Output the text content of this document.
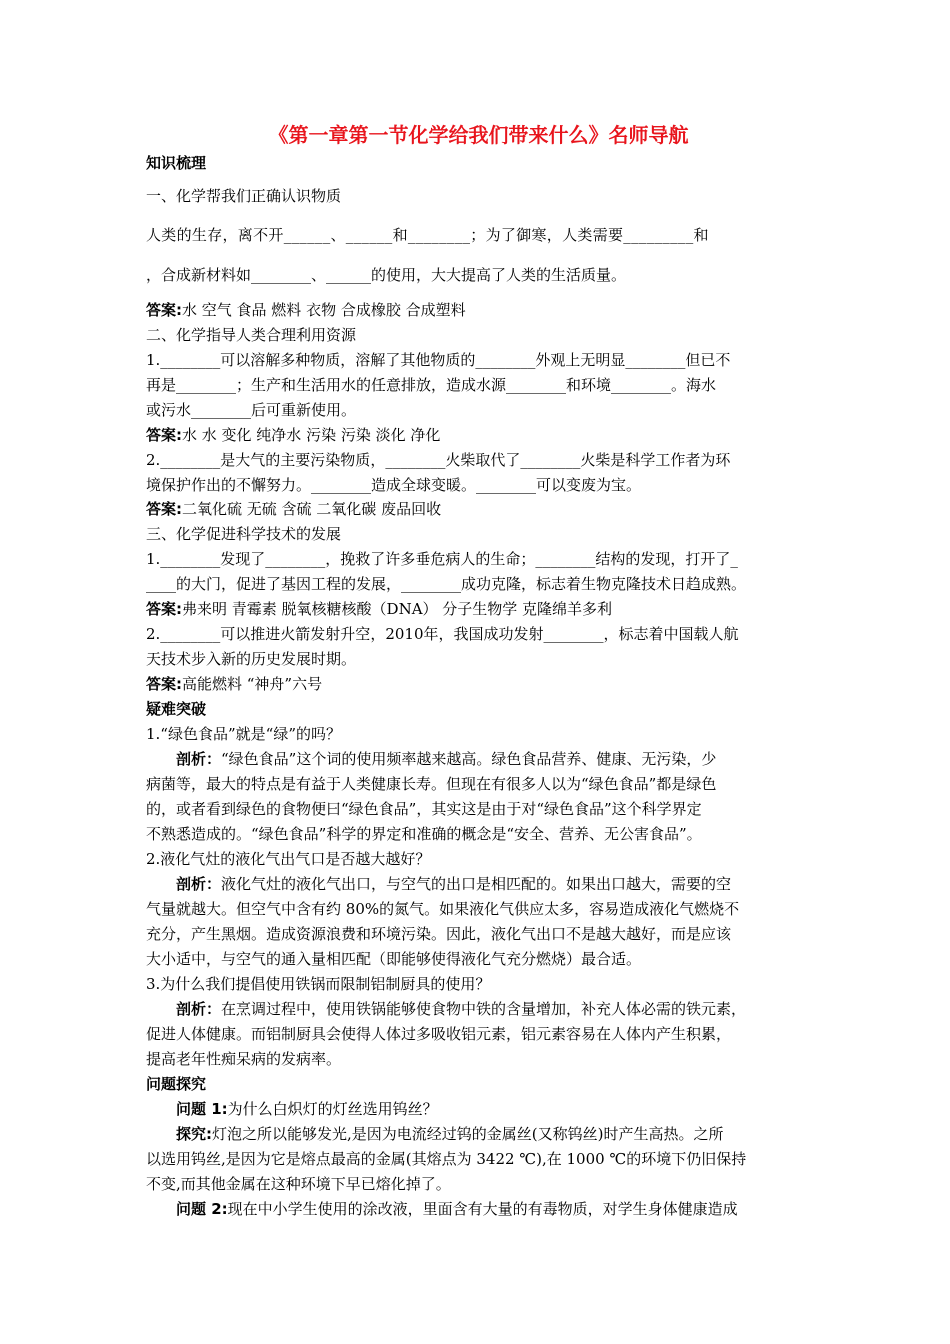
《第一章第一节化学给我们带来什么》名师导航
知识梳理
一、化学帮我们正确认识物质
人类的生存，离不开______、______和________；为了御寒，人类需要_________和
，合成新材料如________、______的使用，大大提高了人类的生活质量。
答案:水 空气 食品 燃料 衣物 合成橡胶 合成塑料
二、化学指导人类合理利用资源
1.________可以溶解多种物质，溶解了其他物质的________外观上无明显________但已不
再是________；生产和生活用水的任意排放，造成水源________和环境________。海水
或污水________后可重新使用。
答案:水 水 变化 纯净水 污染 污染 淡化 净化
2.________是大气的主要污染物质，________火柴取代了________火柴是科学工作者为环
境保护作出的不懈努力。________造成全球变暖。________可以变废为宝。
答案:二氧化硫 无硫 含硫 二氧化碳 废品回收
三、化学促进科学技术的发展
1.________发现了________，挽救了许多垂危病人的生命；________结构的发现，打开了_
____的大门，促进了基因工程的发展，________成功克隆，标志着生物克隆技术日趋成熟。
答案:弗来明 青霉素 脱氧核糖核酸（DNA） 分子生物学 克隆绵羊多利
2.________可以推进火箭发射升空，2010年，我国成功发射________，标志着中国载人航
天技术步入新的历史发展时期。
答案:高能燃料 “神舟”六号
疑难突破
1.“绿色食品”就是“绿”的吗？
剖析：“绿色食品”这个词的使用频率越来越高。绿色食品营养、健康、无污染，少
病菌等，最大的特点是有益于人类健康长寿。但现在有很多人以为“绿色食品”都是绿色
的，或者看到绿色的食物便曰“绿色食品”，其实这是由于对“绿色食品”这个科学界定
不熟悉造成的。“绿色食品”科学的界定和准确的概念是“安全、营养、无公害食品”。
2.液化气灶的液化气出气口是否越大越好？
剖析：液化气灶的液化气出口，与空气的出口是相匹配的。如果出口越大，需要的空
气量就越大。但空气中含有约 80%的氮气。如果液化气供应太多，容易造成液化气燃烧不
充分，产生黑烟。造成资源浪费和环境污染。因此，液化气出口不是越大越好，而是应该
大小适中，与空气的通入量相匹配（即能够使得液化气充分燃烧）最合适。
3.为什么我们提倡使用铁锅而限制铝制厨具的使用？
剖析：在烹调过程中，使用铁锅能够使食物中铁的含量增加，补充人体必需的铁元素，
促进人体健康。而铝制厨具会使得人体过多吸收铝元素，铝元素容易在人体内产生积累，
提高老年性痴呆病的发病率。
问题探究
问题 1:为什么白炽灯的灯丝选用钨丝？
探究:灯泡之所以能够发光,是因为电流经过钨的金属丝(又称钨丝)时产生高热。之所
以选用钨丝,是因为它是熔点最高的金属(其熔点为 3422 ℃),在 1000 ℃的环境下仍旧保持
不变,而其他金属在这种环境下早已熔化掉了。
问题 2:现在中小学生使用的涂改液，里面含有大量的有毒物质，对学生身体健康造成
